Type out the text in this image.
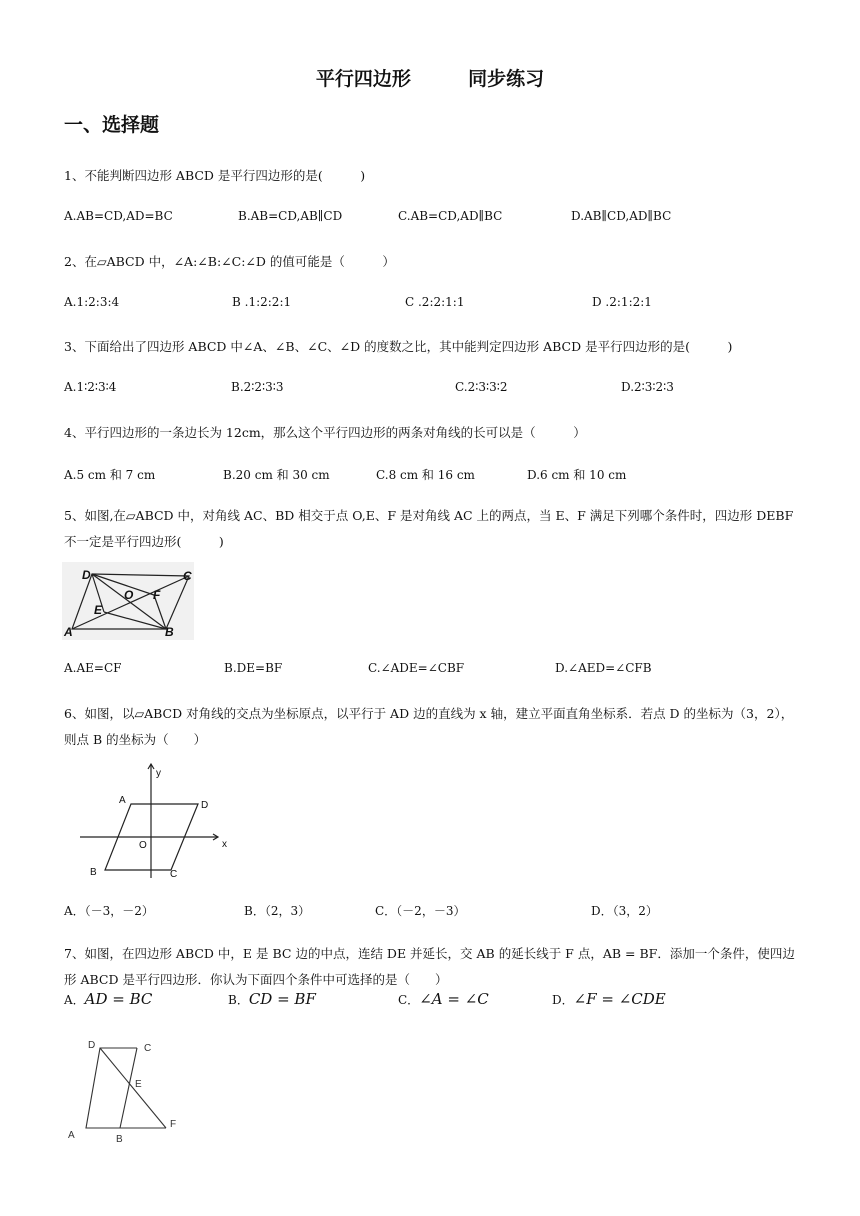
平行四边形	同步练习
一、选择题
1、不能判断四边形 ABCD 是平行四边形的是(　　　)
A.AB=CD,AD=BC	B.AB=CD,AB∥CD	C.AB=CD,AD∥BC	D.AB∥CD,AD∥BC
2、在▱ABCD 中，∠A:∠B:∠C:∠D 的值可能是（　　　）
A.1:2:3:4	B .1:2:2:1	C .2:2:1:1	D .2:1:2:1
3、下面给出了四边形 ABCD 中∠A、∠B、∠C、∠D 的度数之比，其中能判定四边形 ABCD 是平行四边形的是(　　　)
A.1∶2∶3∶4	B.2∶2∶3∶3	C.2∶3∶3∶2	D.2∶3∶2∶3
4、平行四边形的一条边长为 12cm，那么这个平行四边形的两条对角线的长可以是（　　　）
A.5 cm 和 7 cm	B.20 cm 和 30 cm	C.8 cm 和 16 cm	D.6 cm 和 10 cm
5、如图,在▱ABCD 中，对角线 AC、BD 相交于点 O,E、F 是对角线 AC 上的两点，当 E、F 满足下列哪个条件时，四边形 DEBF 不一定是平行四边形(　　　)
D	C
O F
E
A	B
A.AE=CF	B.DE=BF	C.∠ADE=∠CBF	D.∠AED=∠CFB
6、如图，以▱ABCD 对角线的交点为坐标原点，以平行于 AD 边的直线为 x 轴，建立平面直角坐标系．若点 D 的坐标为（3，2），则点 B 的坐标为（　　）
y
A	D
O	x
B	C
A．（－3，－2）	B．（2，3）	C．（－2，－3）	D．（3，2）
7、如图，在四边形 ABCD 中，E 是 BC 边的中点，连结 DE 并延长，交 AB 的延长线于 F 点，AB = BF．添加一个条件，使四边形 ABCD 是平行四边形．你认为下面四个条件中可选择的是（　　）
A．AD = BC	B．CD = BF	C．∠A = ∠C	D．∠F = ∠CDE
D	C
E
A	B
F
